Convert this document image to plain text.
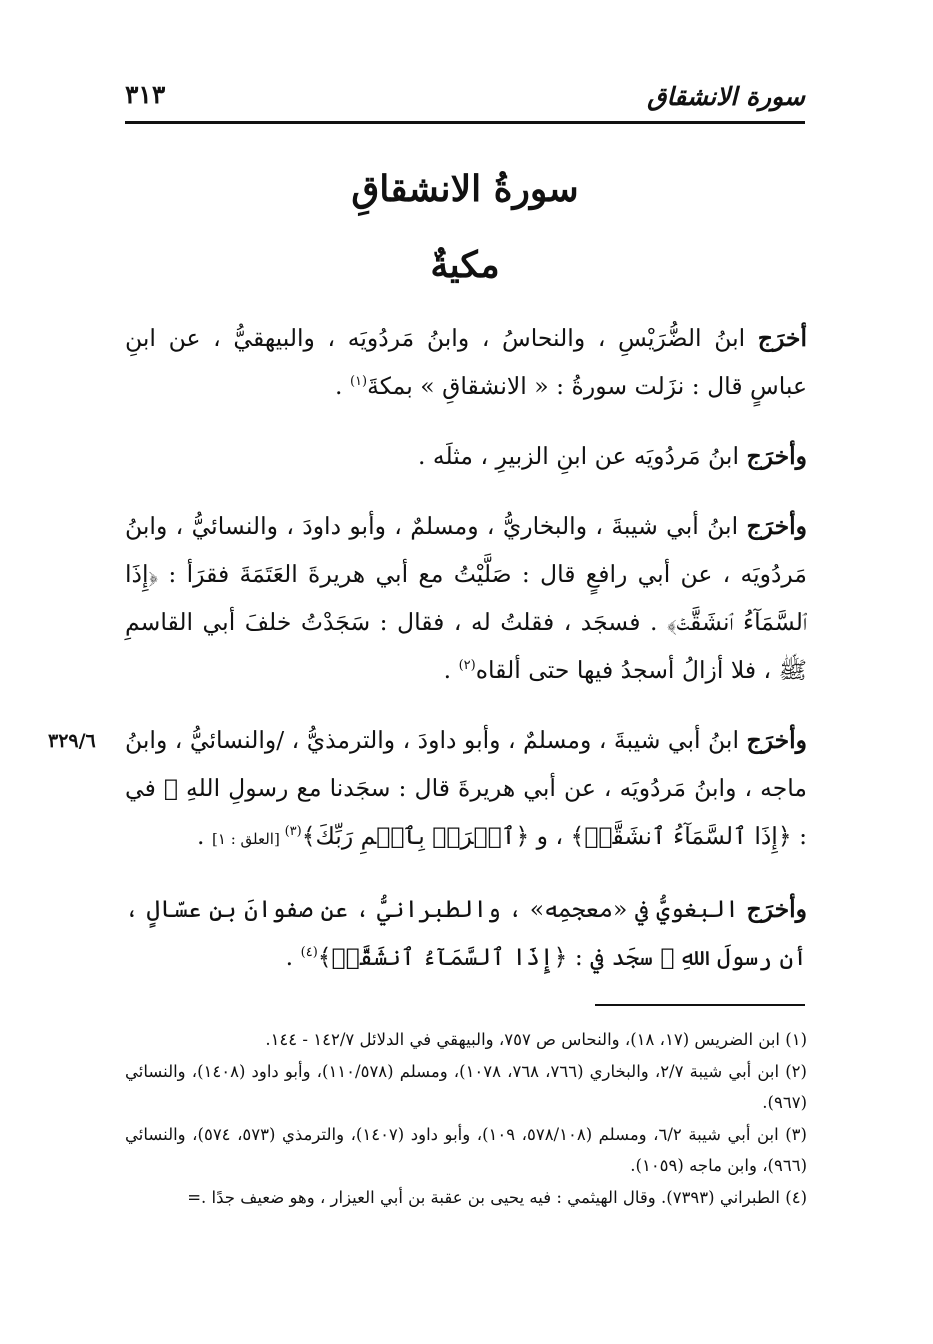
سورة الانشقاق
٣١٣
سورةُ الانشقاقِ
مكيةٌ
٣٢٩/٦

أخرَج ابنُ الضُّرَيْسِ ، والنحاسُ ، وابنُ مَردُويَه ، والبيهقيُّ ، عن ابنِ عباسٍ قال : نزَلت سورةُ : « الانشقاقِ » بمكةَ$^{(١)}$ .

وأخرَج ابنُ مَردُويَه عن ابنِ الزبيرِ ، مثلَه .

وأخرَج ابنُ أبي شيبةَ ، والبخاريُّ ، ومسلمٌ ، وأبو داودَ ، والنسائيُّ ، وابنُ مَردُويَه ، عن أبي رافعٍ قال : صَلَّيْتُ مع أبي هريرةَ العَتَمَةَ فقرَأ : ﴿إِذَا ٱلسَّمَآءُ ٱنشَقَّتۡ﴾ . فسجَد ، فقلتُ له ، فقال : سَجَدْتُ خلفَ أبي القاسمِ ﷺ ، فلا أزالُ أسجدُ فيها حتى ألقاه$^{(٢)}$ .

وأخرَج ابنُ أبي شيبةَ ، ومسلمٌ ، وأبو داودَ ، والترمذيُّ ، /والنسائيُّ ، وابنُ ماجه ، وابنُ مَردُويَه ، عن أبي هريرةَ قال : سجَدنا مع رسولِ اللهِ ﷺ في : ﴿إِذَا ٱلسَّمَآءُ ٱنشَقَّتۡ﴾ ، و ﴿ٱقۡرَأۡ بِٱسۡمِ رَبِّكَ﴾$^{(٣)}$ [العلق : ١] .

وأخرَج البغويُّ في «معجمِه» ، والطبرانيُّ ، عن صفوانَ بنِ عسّالٍ ، أن رسولَ اللهِ ﷺ سجَد في : ﴿إِذَا ٱلسَّمَآءُ ٱنشَقَّتۡ﴾$^{(٤)}$ .

(١) ابن الضريس (١٧، ١٨)، والنحاس ص ٧٥٧، والبيهقي في الدلائل ١٤٢/٧ - ١٤٤.

(٢) ابن أبي شيبة ٢/٧، والبخاري (٧٦٦، ٧٦٨، ١٠٧٨)، ومسلم (١١٠/٥٧٨)، وأبو داود (١٤٠٨)، والنسائي (٩٦٧).

(٣) ابن أبي شيبة ٦/٢، ومسلم (٥٧٨/١٠٨، ١٠٩)، وأبو داود (١٤٠٧)، والترمذي (٥٧٣، ٥٧٤)، والنسائي (٩٦٦)، وابن ماجه (١٠٥٩).

(٤) الطبراني (٧٣٩٣). وقال الهيثمي : فيه يحيى بن عقبة بن أبي العيزار ، وهو ضعيف جدًا .=
